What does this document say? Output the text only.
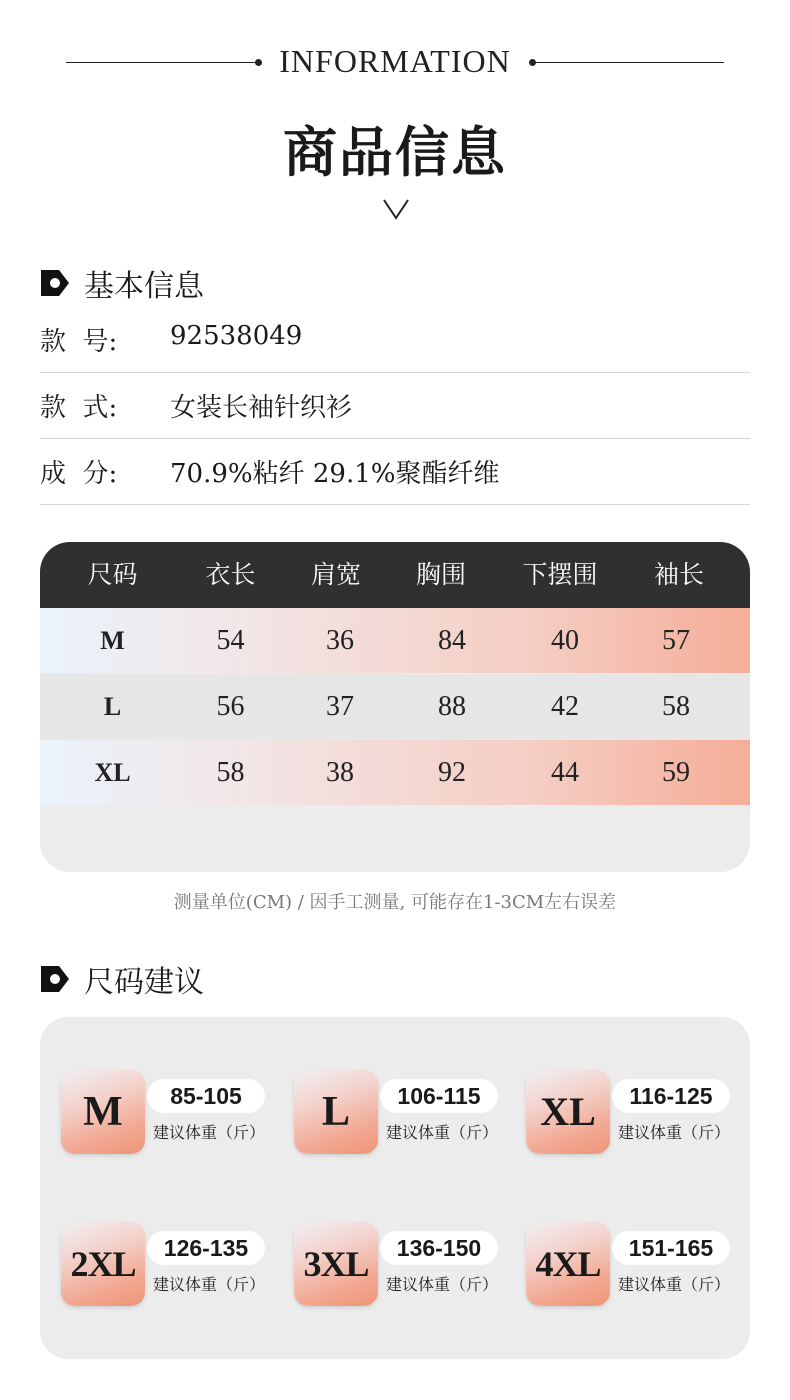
INFORMATION
商品信息
基本信息
款  号:	92538049
款  式:	女装长袖针织衫
成  分:	70.9%粘纤 29.1%聚酯纤维
尺码	衣长	肩宽	胸围	下摆围	袖长
M	54	36	84	40	57
L	56	37	88	42	58
XL	58	38	92	44	59
测量单位(CM) / 因手工测量, 可能存在1-3CM左右误差
尺码建议
M	85-105
建议体重（斤）	L	106-115
建议体重（斤）	XL	116-125
建议体重（斤）
2XL	126-135
建议体重（斤）
3XL	136-150
建议体重（斤）
4XL	151-165
建议体重（斤）
